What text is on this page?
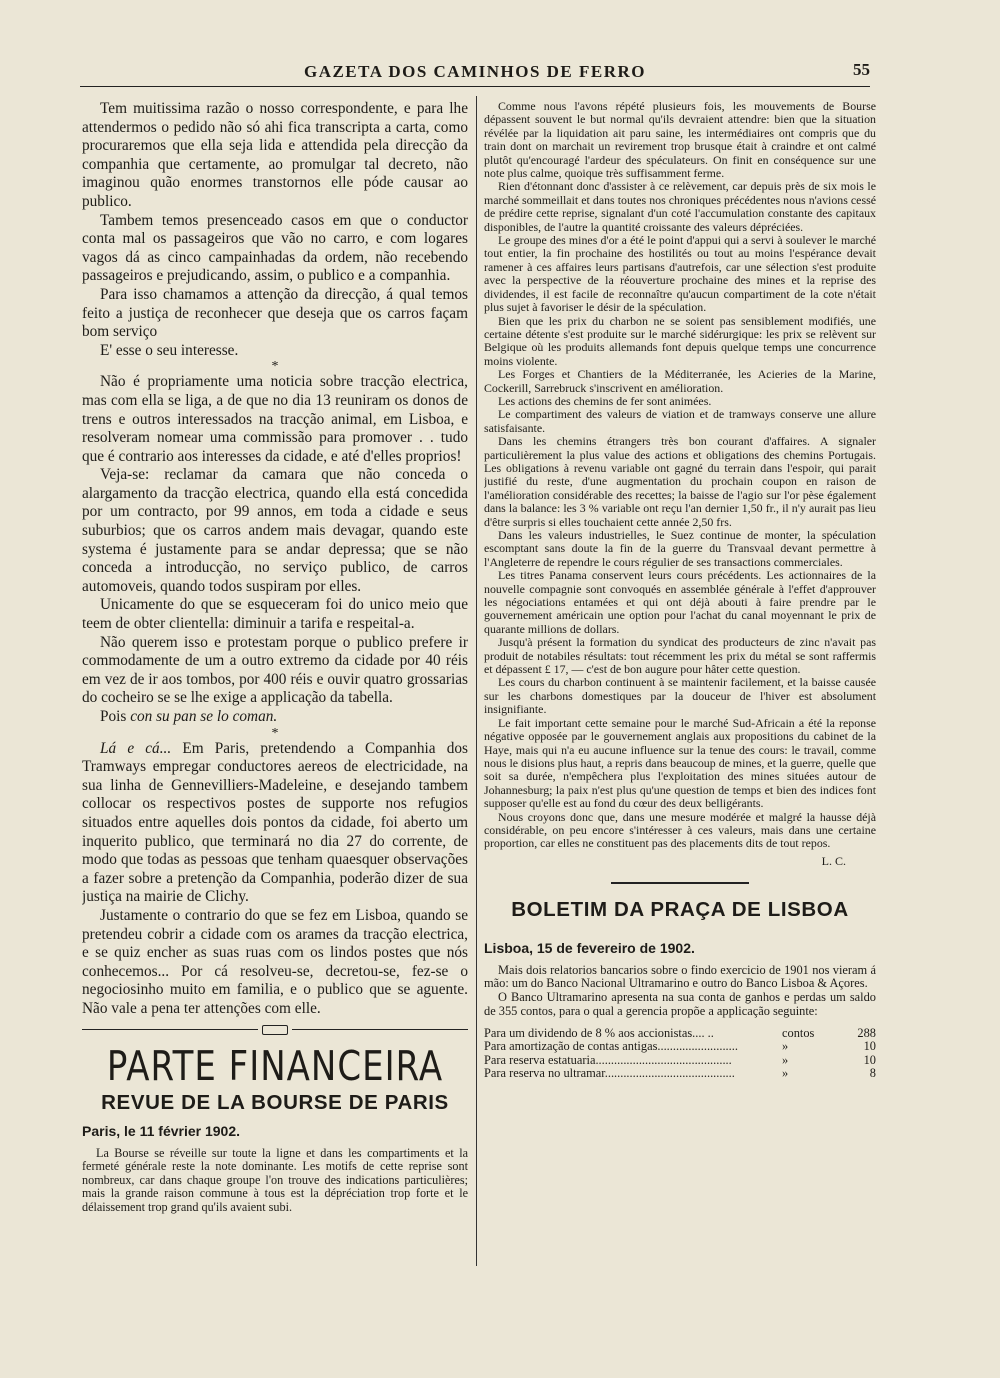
GAZETA DOS CAMINHOS DE FERRO	55

Tem muitissima razão o nosso correspondente, e para lhe attendermos o pedido não só ahi fica transcripta a carta, como procuraremos que ella seja lida e attendida pela direcção da companhia que certamente, ao promulgar tal decreto, não imaginou quão enormes transtornos elle póde causar ao publico.

Tambem temos presenceado casos em que o conductor conta mal os passageiros que vão no carro, e com logares vagos dá as cinco campainhadas da ordem, não recebendo passageiros e prejudicando, assim, o publico e a companhia.

Para isso chamamos a attenção da direcção, á qual temos feito a justiça de reconhecer que deseja que os carros façam bom serviço

E' esse o seu interesse.

*

Não é propriamente uma noticia sobre tracção electrica, mas com ella se liga, a de que no dia 13 reuniram os donos de trens e outros interessados na tracção animal, em Lisboa, e resolveram nomear uma commissão para promover . . tudo que é contrario aos interesses da cidade, e até d'elles proprios!

Veja-se: reclamar da camara que não conceda o alargamento da tracção electrica, quando ella está concedida por um contracto, por 99 annos, em toda a cidade e seus suburbios; que os carros andem mais devagar, quando este systema é justamente para se andar depressa; que se não conceda a introducção, no serviço publico, de carros automoveis, quando todos suspiram por elles.

Unicamente do que se esqueceram foi do unico meio que teem de obter clientella: diminuir a tarifa e respeital-a.

Não querem isso e protestam porque o publico prefere ir commodamente de um a outro extremo da cidade por 40 réis em vez de ir aos tombos, por 400 réis e ouvir quatro grossarias do cocheiro se se lhe exige a applicação da tabella.

Pois con su pan se lo coman.

*

Lá e cá... Em Paris, pretendendo a Companhia dos Tramways empregar conductores aereos de electricidade, na sua linha de Gennevilliers-Madeleine, e desejando tambem collocar os respectivos postes de supporte nos refugios situados entre aquelles dois pontos da cidade, foi aberto um inquerito publico, que terminará no dia 27 do corrente, de modo que todas as pessoas que tenham quaesquer observações a fazer sobre a pretenção da Companhia, poderão dizer de sua justiça na mairie de Clichy.

Justamente o contrario do que se fez em Lisboa, quando se pretendeu cobrir a cidade com os arames da tracção electrica, e se quiz encher as suas ruas com os lindos postes que nós conhecemos... Por cá resolveu-se, decretou-se, fez-se o negociosinho muito em familia, e o publico que se aguente. Não vale a pena ter attenções com elle.

PARTE FINANCEIRA
REVUE DE LA BOURSE DE PARIS
Paris, le 11 février 1902.

La Bourse se réveille sur toute la ligne et dans les compartiments et la fermeté générale reste la note dominante. Les motifs de cette reprise sont nombreux, car dans chaque groupe l'on trouve des indications particulières; mais la grande raison commune à tous est la dépréciation trop forte et le délaissement trop grand qu'ils avaient subi.

Comme nous l'avons répété plusieurs fois, les mouvements de Bourse dépassent souvent le but normal qu'ils devraient attendre: bien que la situation révélée par la liquidation ait paru saine, les intermédiaires ont compris que du train dont on marchait un revirement trop brusque était à craindre et ont calmé plutôt qu'encouragé l'ardeur des spéculateurs. On finit en conséquence sur une note plus calme, quoique très suffisamment ferme.

Rien d'étonnant donc d'assister à ce relèvement, car depuis près de six mois le marché sommeillait et dans toutes nos chroniques précédentes nous n'avions cessé de prédire cette reprise, signalant d'un coté l'accumulation constante des capitaux disponibles, de l'autre la quantité croissante des valeurs dépréciées.

Le groupe des mines d'or a été le point d'appui qui a servi à soulever le marché tout entier, la fin prochaine des hostilités ou tout au moins l'espérance devait ramener à ces affaires leurs partisans d'autrefois, car une sélection s'est produite avec la perspective de la réouverture prochaine des mines et la reprise des dividendes, il est facile de reconnaître qu'aucun compartiment de la cote n'était plus sujet à favoriser le désir de la spéculation.

Bien que les prix du charbon ne se soient pas sensiblement modifiés, une certaine détente s'est produite sur le marché sidérurgique: les prix se relèvent sur Belgique où les produits allemands font depuis quelque temps une concurrence moins violente.

Les Forges et Chantiers de la Méditerranée, les Acieries de la Marine, Cockerill, Sarrebruck s'inscrivent en amélioration.

Les actions des chemins de fer sont animées.

Le compartiment des valeurs de viation et de tramways conserve une allure satisfaisante.

Dans les chemins étrangers très bon courant d'affaires. A signaler particulièrement la plus value des actions et obligations des chemins Portugais. Les obligations à revenu variable ont gagné du terrain dans l'espoir, qui parait justifié du reste, d'une augmentation du prochain coupon en raison de l'amélioration considérable des recettes; la baisse de l'agio sur l'or pèse également dans la balance: les 3 % variable ont reçu l'an dernier 1,50 fr., il n'y aurait pas lieu d'être surpris si elles touchaient cette année 2,50 frs.

Dans les valeurs industrielles, le Suez continue de monter, la spéculation escomptant sans doute la fin de la guerre du Transvaal devant permettre à l'Angleterre de rependre le cours régulier de ses transactions commerciales.

Les titres Panama conservent leurs cours précédents. Les actionnaires de la nouvelle compagnie sont convoqués en assemblée générale à l'effet d'approuver les négociations entamées et qui ont déjà abouti à faire prendre par le gouvernement américain une option pour l'achat du canal moyennant le prix de quarante millions de dollars.

Jusqu'à présent la formation du syndicat des producteurs de zinc n'avait pas produit de notabiles résultats: tout récemment les prix du métal se sont raffermis et dépassent £ 17, — c'est de bon augure pour hâter cette question.

Les cours du charbon continuent à se maintenir facilement, et la baisse causée sur les charbons domestiques par la douceur de l'hiver est absolument insignifiante.

Le fait important cette semaine pour le marché Sud-Africain a été la reponse négative opposée par le gouvernement anglais aux propositions du cabinet de la Haye, mais qui n'a eu aucune influence sur la tenue des cours: le travail, comme nous le disions plus haut, a repris dans beaucoup de mines, et la guerre, quelle que soit sa durée, n'empêchera plus l'exploitation des mines situées autour de Johannesburg; la paix n'est plus qu'une question de temps et bien des indices font supposer qu'elle est au fond du cœur des deux belligérants.

Nous croyons donc que, dans une mesure modérée et malgré la hausse déjà considérable, on peu encore s'intéresser à ces valeurs, mais dans une certaine proportion, car elles ne constituent pas des placements dits de tout repos.

L. C.
BOLETIM DA PRAÇA DE LISBOA
Lisboa, 15 de fevereiro de 1902.

Mais dois relatorios bancarios sobre o findo exercicio de 1901 nos vieram á mão: um do Banco Nacional Ultramarino e outro do Banco Lisboa & Açores.

O Banco Ultramarino apresenta na sua conta de ganhos e perdas um saldo de 355 contos, para o qual a gerencia propõe a applicação seguinte:

Para um dividendo de 8 % aos accionistas.... ..	contos	288
Para amortização de contas antigas..........................	»	10
Para reserva estatuaria............................................	»	10
Para reserva no ultramar..........................................	»	8
